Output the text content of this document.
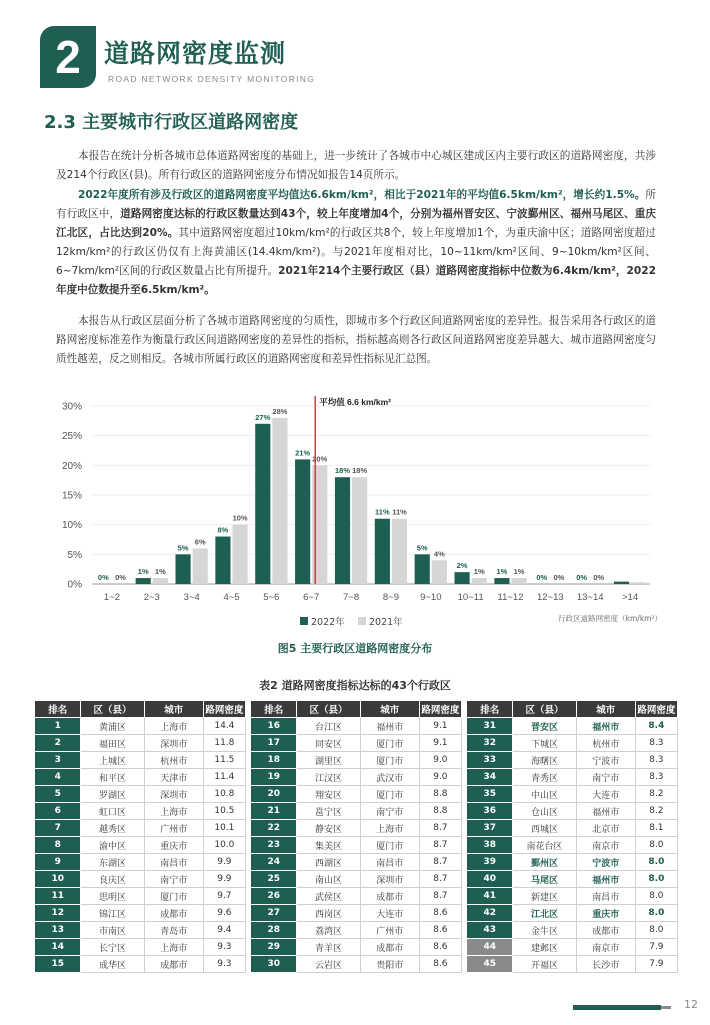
2 道路网密度监测
ROAD NETWORK DENSITY MONITORING
2.3 主要城市行政区道路网密度

本报告在统计分析各城市总体道路网密度的基础上，进一步统计了各城市中心城区建成区内主要行政区的道路网密度，共涉及214个行政区(县)。所有行政区的道路网密度分布情况如报告14页所示。

2022年度所有涉及行政区的道路网密度平均值达6.6km/km²，相比于2021年的平均值6.5km/km²，增长约1.5%。所有行政区中，道路网密度达标的行政区数量达到43个，较上年度增加4个，分别为福州晋安区、宁波鄞州区、福州马尾区、重庆江北区，占比达到20%。其中道路网密度超过10km/km²的行政区共8个，较上年度增加1个，为重庆渝中区；道路网密度超过12km/km²的行政区仍仅有上海黄浦区(14.4km/km²)。与2021年度相对比，10~11km/km²区间、9~10km/km²区间、6~7km/km²区间的行政区数量占比有所提升。2021年214个主要行政区（县）道路网密度指标中位数为6.4km/km²，2022年度中位数提升至6.5km/km²。

本报告从行政区层面分析了各城市道路网密度的匀质性，即城市多个行政区间道路网密度的差异性。报告采用各行政区的道路网密度标准差作为衡量行政区间道路网密度的差异性的指标，指标越高则各行政区间道路网密度差异越大、城市道路网密度匀质性越差，反之则相反。各城市所属行政区的道路网密度和差异性指标见汇总图。

0%
5%
10%
15%
20%
25%
30%
0% 0%
1~2
1% 1%
2~3
5%
6%
3~4
8%
10%
4~5
27%
28%
5~6
21%
20%
6~7
18% 18%
7~8
11% 11%
8~9
5%
4%
9~10
2%
1%
10~11
1% 1%
11~12
0% 0%
12~13
0% 0%
13~14 >14
平均值 6.6 km/km²
2022年	2021年	行政区道路网密度（km/km²）
图5 主要行政区道路网密度分布
表2 道路网密度指标达标的43个行政区
排名	区（县）	城市	路网密度
1	黄浦区	上海市	14.4
2	福田区	深圳市	11.8
3	上城区	杭州市	11.5
4	和平区	天津市	11.4
5	罗湖区	深圳市	10.8
6	虹口区	上海市	10.5
7	越秀区	广州市	10.1
8	渝中区	重庆市	10.0
9	东湖区	南昌市	9.9
10	良庆区	南宁市	9.9
11	思明区	厦门市	9.7
12	锦江区	成都市	9.6
13	市南区	青岛市	9.4
14	长宁区	上海市	9.3
15	成华区	成都市	9.3
排名	区（县）	城市	路网密度
16	台江区	福州市	9.1
17	同安区	厦门市	9.1
18	湖里区	厦门市	9.0
19	江汉区	武汉市	9.0
20	翔安区	厦门市	8.8
21	邕宁区	南宁市	8.8
22	静安区	上海市	8.7
23	集美区	厦门市	8.7
24	西湖区	南昌市	8.7
25	南山区	深圳市	8.7
26	武侯区	成都市	8.7
27	西岗区	大连市	8.6
28	荔湾区	广州市	8.6
29	青羊区	成都市	8.6
30	云岩区	贵阳市	8.6
排名	区（县）	城市	路网密度
31	晋安区	福州市	8.4
32	下城区	杭州市	8.3
33	海曙区	宁波市	8.3
34	青秀区	南宁市	8.3
35	中山区	大连市	8.2
36	仓山区	福州市	8.2
37	西城区	北京市	8.1
38	南花台区	南京市	8.0
39	鄞州区	宁波市	8.0
40	马尾区	福州市	8.0
41	新建区	南昌市	8.0
42	江北区	重庆市	8.0
43	金牛区	成都市	8.0
44	建邺区	南京市	7.9
45	开福区	长沙市	7.9
12
